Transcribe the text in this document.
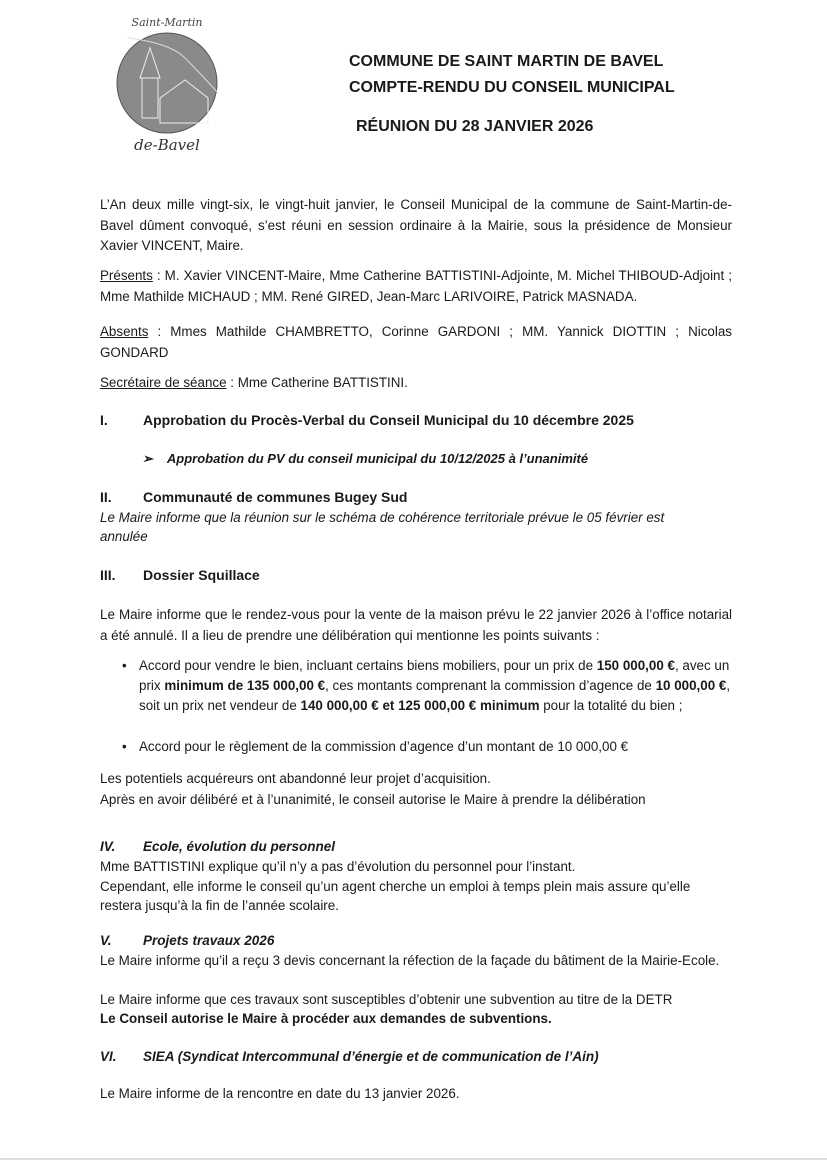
de-Bavel
Saint-Martin
COMMUNE DE SAINT MARTIN DE BAVEL
COMPTE-RENDU DU CONSEIL MUNICIPAL
RÉUNION DU 28 JANVIER 2026
L’An deux mille vingt-six, le vingt-huit janvier, le Conseil Municipal de la commune de Saint-Martin-de-Bavel dûment convoqué, s’est réuni en session ordinaire à la Mairie, sous la présidence de Monsieur Xavier VINCENT, Maire.
Présents : M. Xavier VINCENT-Maire, Mme Catherine BATTISTINI-Adjointe, M. Michel THIBOUD-Adjoint ; Mme Mathilde MICHAUD ; MM. René GIRED, Jean-Marc LARIVOIRE, Patrick MASNADA.
Absents : Mmes Mathilde CHAMBRETTO, Corinne GARDONI ; MM. Yannick DIOTTIN ; Nicolas GONDARD
Secrétaire de séance : Mme Catherine BATTISTINI.
I.	Approbation du Procès-Verbal du Conseil Municipal du 10 décembre 2025
➢ Approbation du PV du conseil municipal du 10/12/2025 à l’unanimité
II. Communauté de communes Bugey Sud
Le Maire informe que la réunion sur le schéma de cohérence territoriale prévue le 05 février est annulée
III. Dossier Squillace
Le Maire informe que le rendez-vous pour la vente de la maison prévu le 22 janvier 2026 à l’office notarial a été annulé. Il a lieu de prendre une délibération qui mentionne les points suivants :
• Accord pour vendre le bien, incluant certains biens mobiliers, pour un prix de 150 000,00 €, avec un prix minimum de 135 000,00 €, ces montants comprenant la commission d’agence de 10 000,00 €, soit un prix net vendeur de 140 000,00 € et 125 000,00 € minimum pour la totalité du bien ;
• Accord pour le règlement de la commission d’agence d’un montant de 10 000,00 €
Les potentiels acquéreurs ont abandonné leur projet d’acquisition.
Après en avoir délibéré et à l’unanimité, le conseil autorise le Maire à prendre la délibération
IV. Ecole, évolution du personnel
Mme BATTISTINI explique qu’il n’y a pas d’évolution du personnel pour l’instant.
Cependant, elle informe le conseil qu’un agent cherche un emploi à temps plein mais assure qu’elle restera jusqu’à la fin de l’année scolaire.
V. Projets travaux 2026
Le Maire informe qu’il a reçu 3 devis concernant la réfection de la façade du bâtiment de la Mairie-Ecole.
Le Maire informe que ces travaux sont susceptibles d’obtenir une subvention au titre de la DETR
Le Conseil autorise le Maire à procéder aux demandes de subventions.
VI. SIEA (Syndicat Intercommunal d’énergie et de communication de l’Ain)
Le Maire informe de la rencontre en date du 13 janvier 2026.
